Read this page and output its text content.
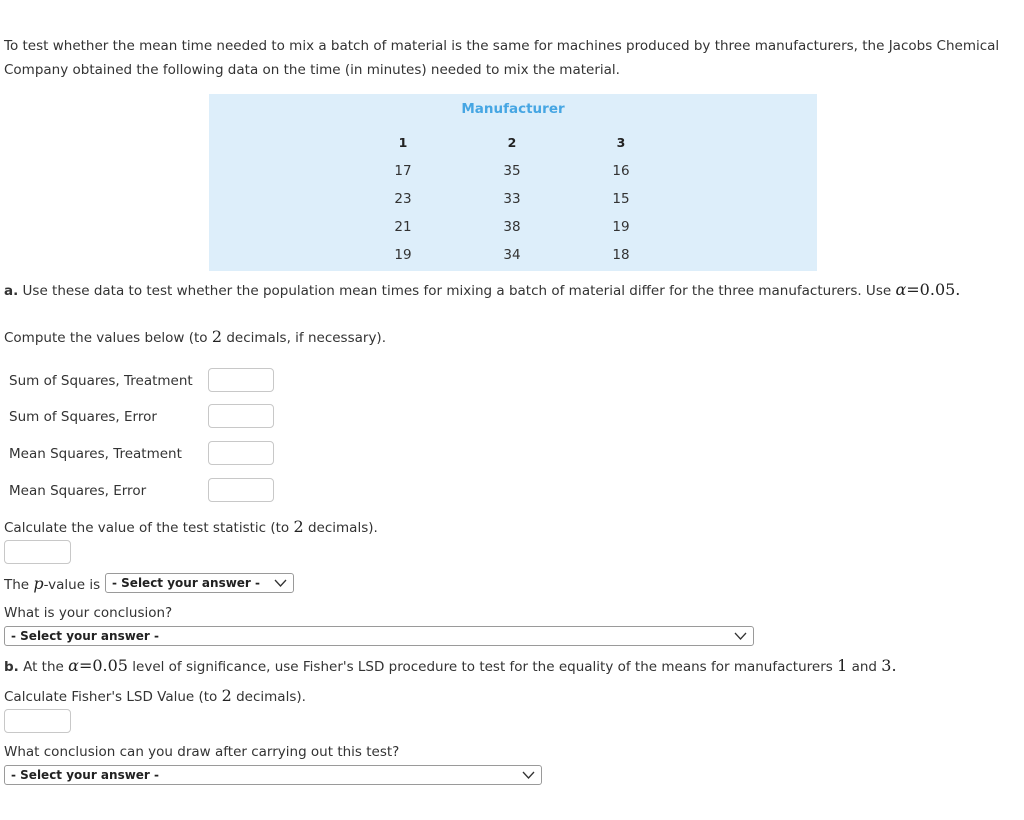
To test whether the mean time needed to mix a batch of material is the same for machines produced by three manufacturers, the Jacobs Chemical
Company obtained the following data on the time (in minutes) needed to mix the material.
Manufacturer
1
17
23
21
19
2
35
33
38
34
3
16
15
19
18
a. Use these data to test whether the population mean times for mixing a batch of material differ for the three manufacturers. Use α=0.05.
Compute the values below (to 2 decimals, if necessary).
Sum of Squares, Treatment
Sum of Squares, Error
Mean Squares, Treatment
Mean Squares, Error
Calculate the value of the test statistic (to 2 decimals).
The p-value is - Select your answer -
What is your conclusion?
- Select your answer -
b. At the α=0.05 level of significance, use Fisher's LSD procedure to test for the equality of the means for manufacturers 1 and 3.
Calculate Fisher's LSD Value (to 2 decimals).
What conclusion can you draw after carrying out this test?
- Select your answer -
